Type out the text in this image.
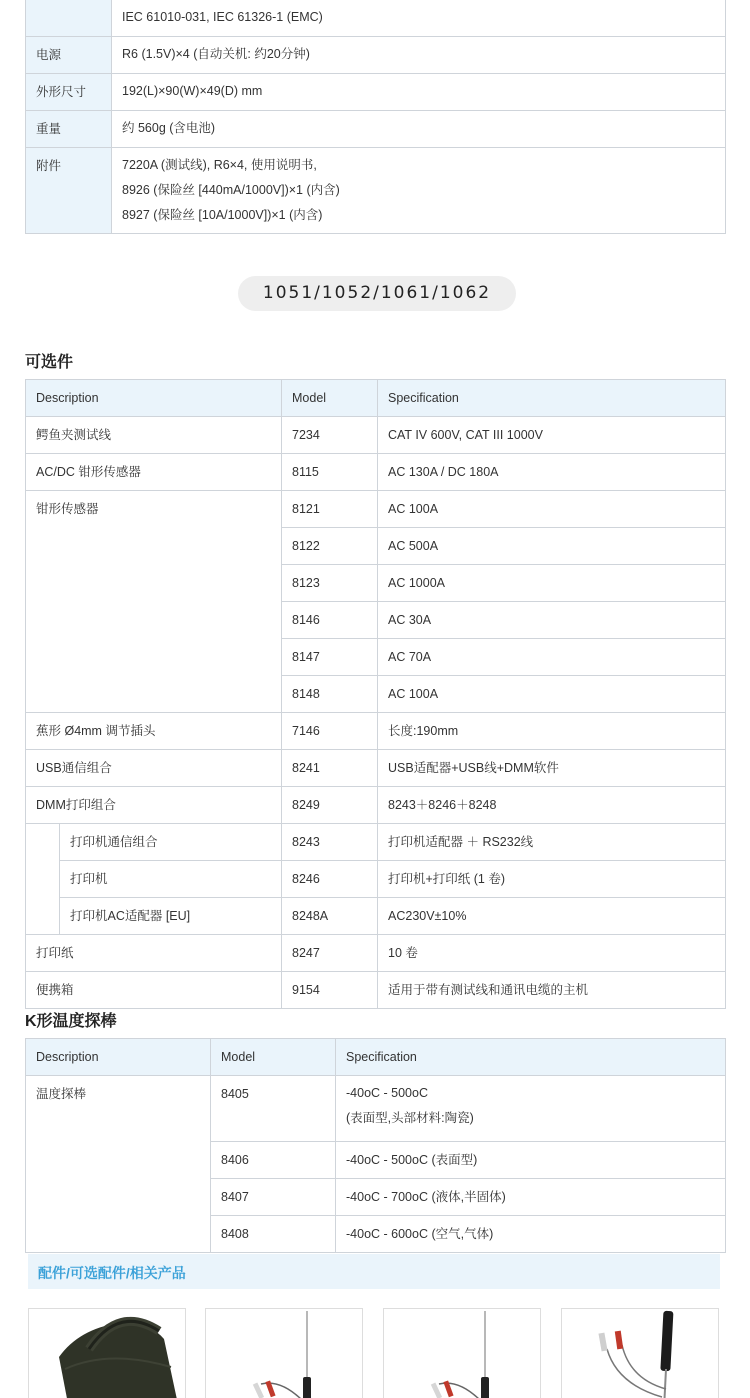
	IEC 61010-031, IEC 61326-1 (EMC)

电源	R6 (1.5V)×4 (自动关机: 约20分钟)

外形尺寸	192(L)×90(W)×49(D) mm

重量	约 560g (含电池)

附件	7220A (测试线), R6×4, 使用说明书,
8926 (保险丝 [440mA/1000V])×1 (内含)
8927 (保险丝 [10A/1000V])×1 (内含)
1051/1052/1061/1062
可选件
Description		Model	Specification
鳄鱼夹测试线		7234	CAT IV 600V, CAT III 1000V
AC/DC 钳形传感器		8115	AC 130A / DC 180A
钳形传感器		8121	AC 100A
		8122	AC 500A
		8123	AC 1000A
		8146	AC 30A
		8147	AC 70A
		8148	AC 100A
蕉形 Ø4mm 调节插头		7146	长度:190mm
USB通信组合		8241	USB适配器+USB线+DMM软件
DMM打印组合		8249	8243＋8246＋8248
	打印机通信组合	8243	打印机适配器 ＋ RS232线
	打印机	8246	打印机+打印纸 (1 卷)
	打印机AC适配器 [EU]	8248A	AC230V±10%
打印纸		8247	10 卷
便携箱		9154	适用于带有测试线和通讯电缆的主机
K形温度探棒
Description	Model	Specification
温度探棒	8405	-40oC - 500oC
(表面型,头部材料:陶瓷)

	8406	-40oC - 500oC (表面型)
	8407	-40oC - 700oC (液体,半固体)
	8408	-40oC - 600oC (空气,气体)
配件/可选配件/相关产品
